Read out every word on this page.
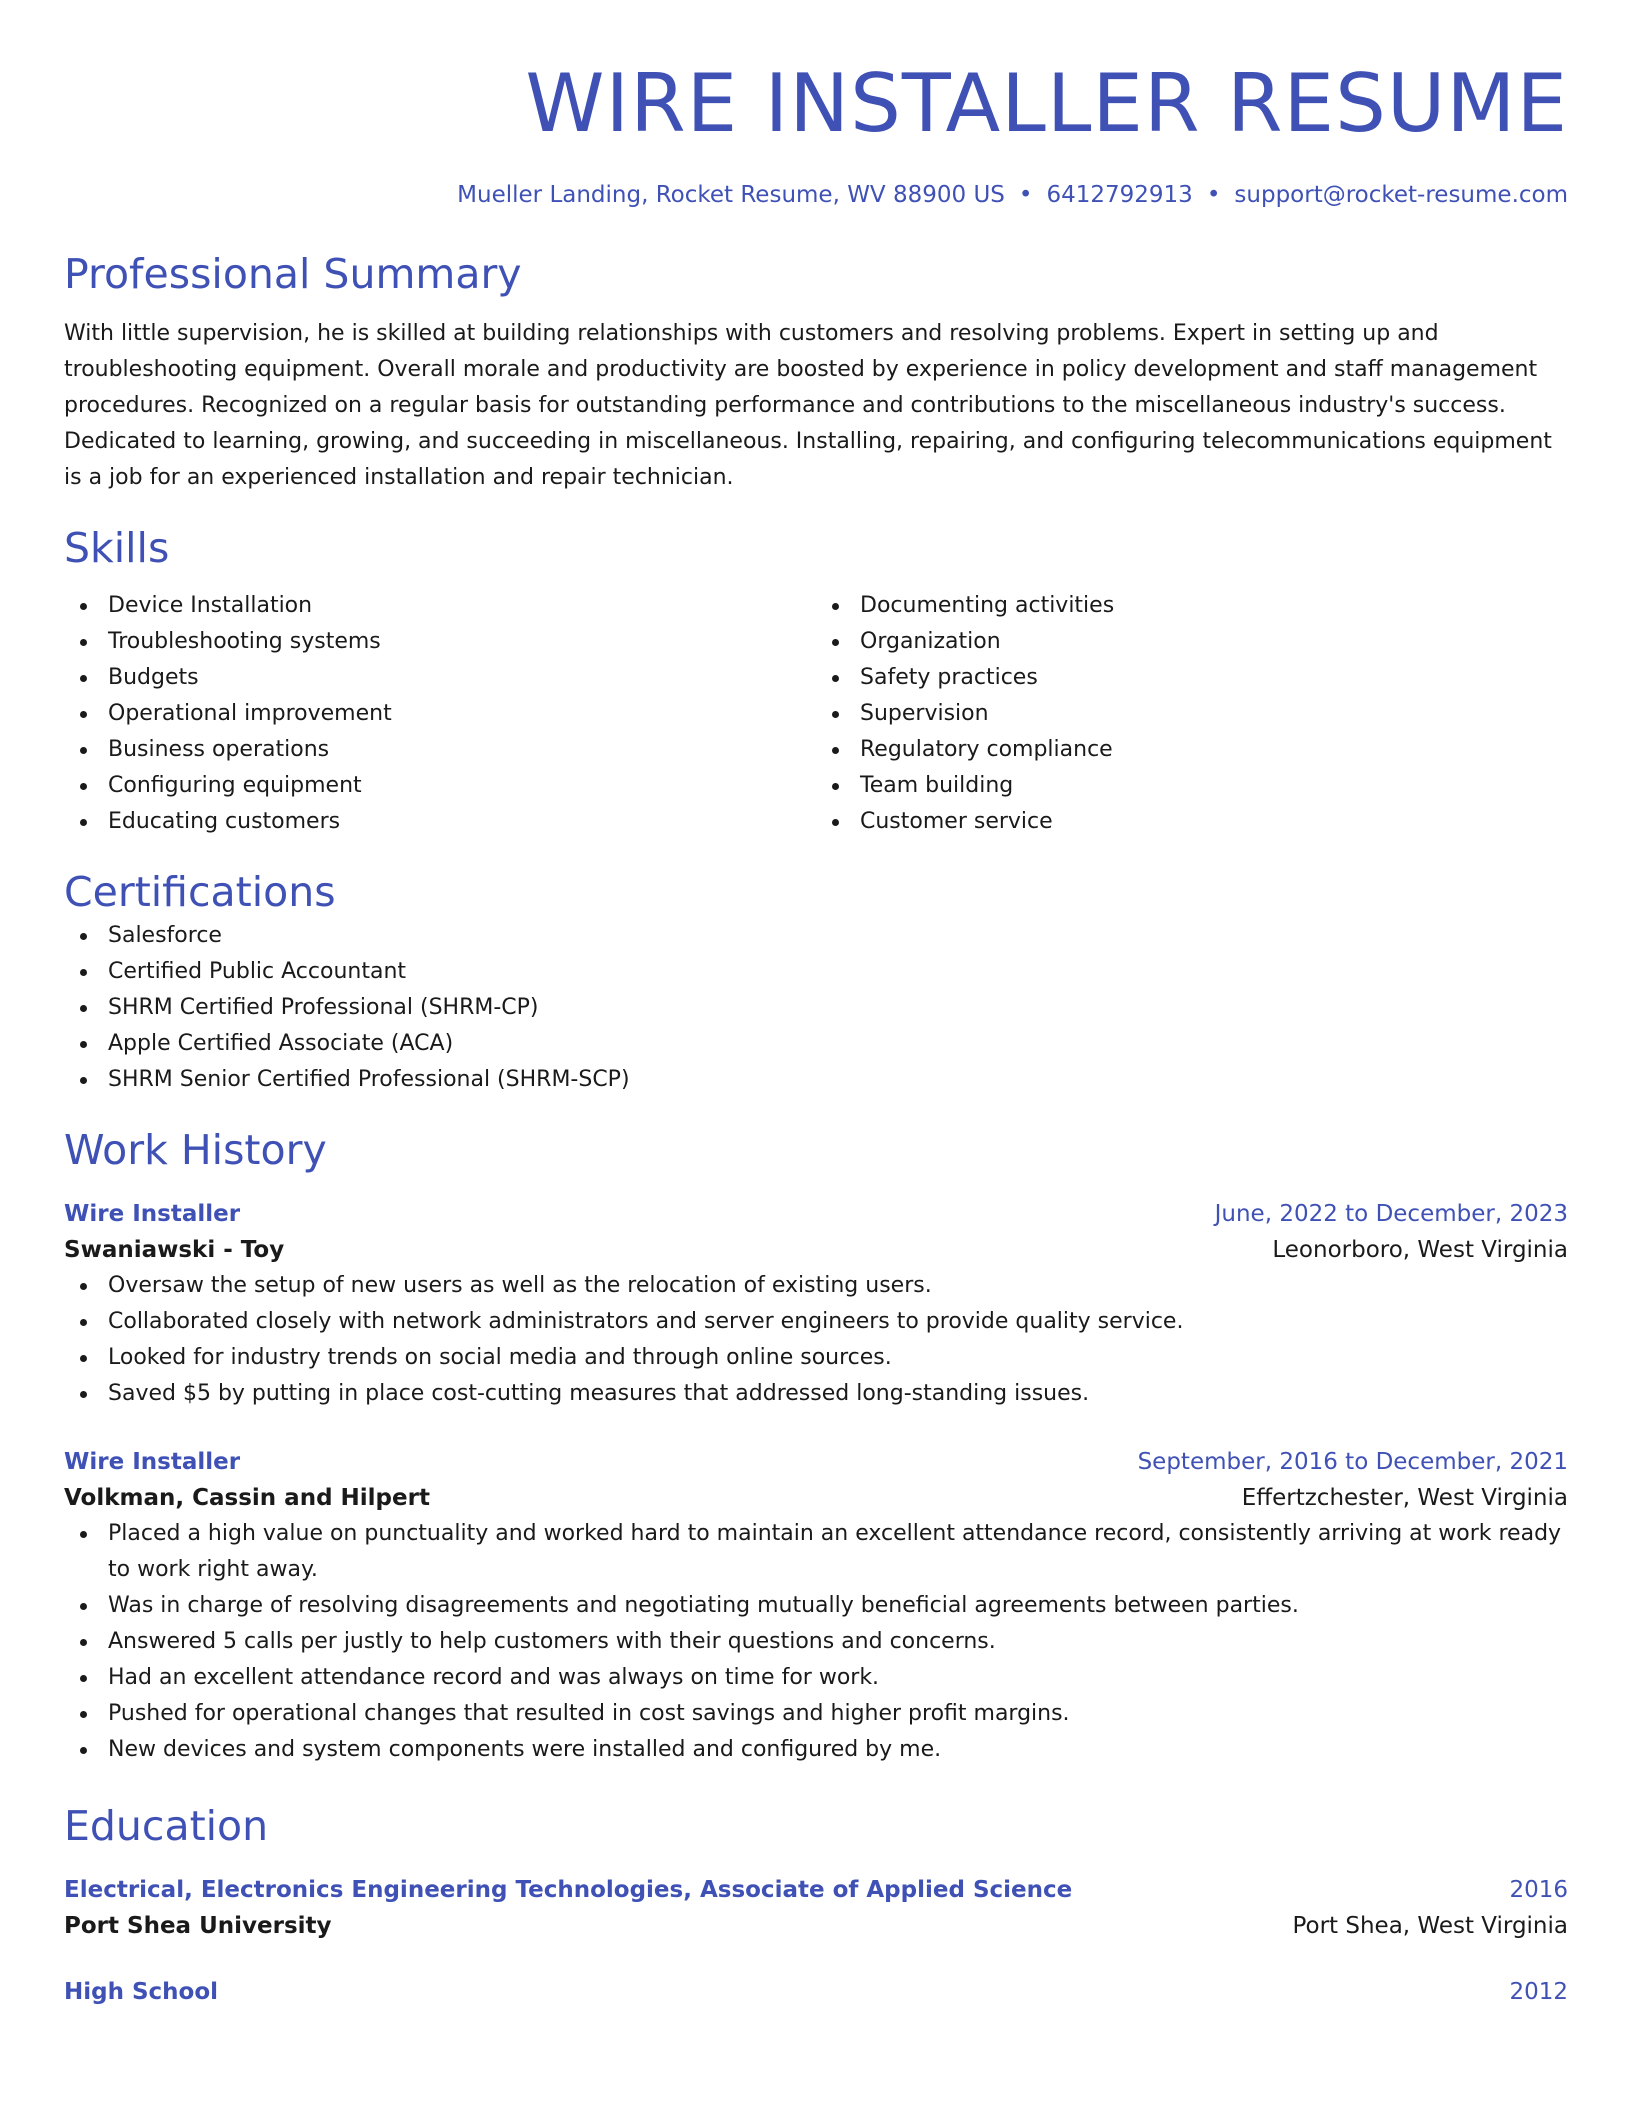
WIRE INSTALLER RESUME
Mueller Landing, Rocket Resume, WV 88900 US • 6412792913 • support@rocket-resume.com
Professional Summary

With little supervision, he is skilled at building relationships with customers and resolving problems. Expert in setting up and troubleshooting equipment. Overall morale and productivity are boosted by experience in policy development and staff management procedures. Recognized on a regular basis for outstanding performance and contributions to the miscellaneous industry's success. Dedicated to learning, growing, and succeeding in miscellaneous. Installing, repairing, and configuring telecommunications equipment is a job for an experienced installation and repair technician.

Skills
Device Installation
Troubleshooting systems
Budgets
Operational improvement
Business operations
Configuring equipment
Educating customers
Documenting activities
Organization
Safety practices
Supervision
Regulatory compliance
Team building
Customer service
Certifications
Salesforce
Certified Public Accountant
SHRM Certified Professional (SHRM-CP)
Apple Certified Associate (ACA)
SHRM Senior Certified Professional (SHRM-SCP)
Work History
Wire Installer	June, 2022 to December, 2023
Swaniawski - Toy	Leonorboro, West Virginia
Oversaw the setup of new users as well as the relocation of existing users.
Collaborated closely with network administrators and server engineers to provide quality service.
Looked for industry trends on social media and through online sources.
Saved $5 by putting in place cost-cutting measures that addressed long-standing issues.
Wire Installer	September, 2016 to December, 2021
Volkman, Cassin and Hilpert	Effertzchester, West Virginia
Placed a high value on punctuality and worked hard to maintain an excellent attendance record, consistently arriving at work ready to work right away.
Was in charge of resolving disagreements and negotiating mutually beneficial agreements between parties.
Answered 5 calls per justly to help customers with their questions and concerns.
Had an excellent attendance record and was always on time for work.
Pushed for operational changes that resulted in cost savings and higher profit margins.
New devices and system components were installed and configured by me.
Education
Electrical, Electronics Engineering Technologies, Associate of Applied Science	2016
Port Shea University	Port Shea, West Virginia
High School	2012
